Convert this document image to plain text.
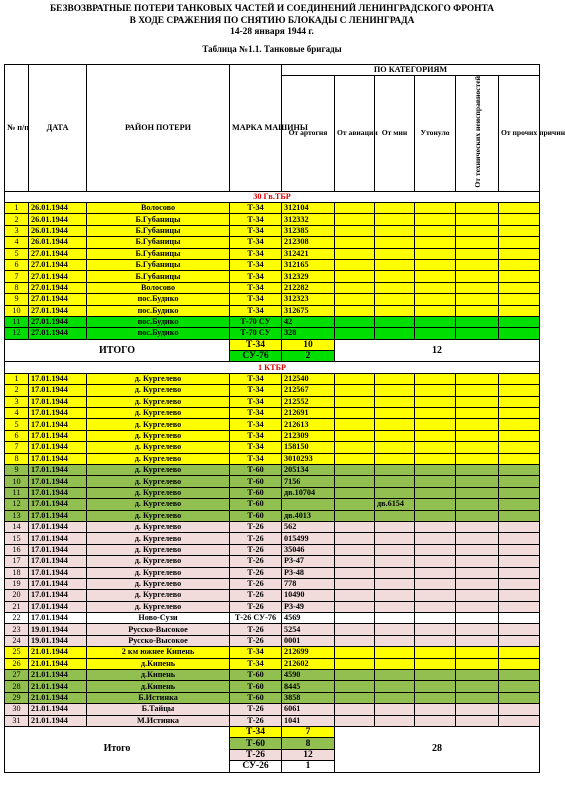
БЕЗВОЗВРАТНЫЕ ПОТЕРИ ТАНКОВЫХ ЧАСТЕЙ И СОЕДИНЕНИЙ ЛЕНИНГРАДСКОГО ФРОНТА
В ХОДЕ СРАЖЕНИЯ ПО СНЯТИЮ БЛОКАДЫ С ЛЕНИНГРАДА
14-28 января 1944 г.
Таблица №1.1. Танковые бригады
№ п/п	ДАТА	РАЙОН ПОТЕРИ	МАРКА МАШИНЫ	ПО КАТЕГОРИЯМ					
				От артогня	От авиации	От мин	Утонуло	От технических неисправностей	От прочих причин
30 Гв.ТБР									
1	26.01.1944	Волосово	Т-34	312104					
2	26.01.1944	Б.Губаницы	Т-34	312332					
3	26.01.1944	Б.Губаницы	Т-34	312385					
4	26.01.1944	Б.Губаницы	Т-34	212308					
5	27.01.1944	Б.Губаницы	Т-34	312421					
6	27.01.1944	Б.Губаницы	Т-34	312165					
7	27.01.1944	Б.Губаницы	Т-34	312329					
8	27.01.1944	Волосово	Т-34	212282					
9	27.01.1944	пос.Будико	Т-34	312323					
10	27.01.1944	пос.Будико	Т-34	312675					
11	27.01.1944	пос.Будико	Т-70 СУ	42					
12	27.01.1944	пос.Будико	Т-70 СУ	328					
ИТОГО			Т-34	10	12				
			СУ-76	2					
1 КТБР									
1	17.01.1944	д. Кургелево	Т-34	212540					
2	17.01.1944	д. Кургелево	Т-34	212567					
3	17.01.1944	д. Кургелево	Т-34	212552					
4	17.01.1944	д. Кургелево	Т-34	212691					
5	17.01.1944	д. Кургелево	Т-34	212613					
6	17.01.1944	д. Кургелево	Т-34	212309					
7	17.01.1944	д. Кургелево	Т-34	158150					
8	17.01.1944	д. Кургелево	Т-34	3010293					
9	17.01.1944	д. Кургелево	Т-60	205134					
10	17.01.1944	д. Кургелево	Т-60	7156					
11	17.01.1944	д. Кургелево	Т-60	дв.10704					
12	17.01.1944	д. Кургелево	Т-60			дв.6154			
13	17.01.1944	д. Кургелево	Т-60	дв.4013					
14	17.01.1944	д. Кургелево	Т-26	562					
15	17.01.1944	д. Кургелево	Т-26	015499					
16	17.01.1944	д. Кургелево	Т-26	35046					
17	17.01.1944	д. Кургелево	Т-26	Р3-47					
18	17.01.1944	д. Кургелево	Т-26	Р3-48					
19	17.01.1944	д. Кургелево	Т-26	778					
20	17.01.1944	д. Кургелево	Т-26	10490					
21	17.01.1944	д. Кургелево	Т-26	Р3-49					
22	17.01.1944	Ново-Сузи	Т-26 СУ-76	4569					
23	19.01.1944	Русско-Высокое	Т-26	5254					
24	19.01.1944	Русско-Высокое	Т-26	0001					
25	21.01.1944	2 км южнее Кипень	Т-34	212699					
26	21.01.1944	д.Кипень	Т-34	212602					
27	21.01.1944	д.Кипень	Т-60	4590					
28	21.01.1944	д.Кипень	Т-60	8445					
29	21.01.1944	Б.Истинка	Т-60	3858					
30	21.01.1944	Б.Тайцы	Т-26	6061					
31	21.01.1944	М.Истинка	Т-26	1041					
Итого			Т-34	7	28				
			Т-60	8					
			Т-26	12					
			СУ-26	1					
